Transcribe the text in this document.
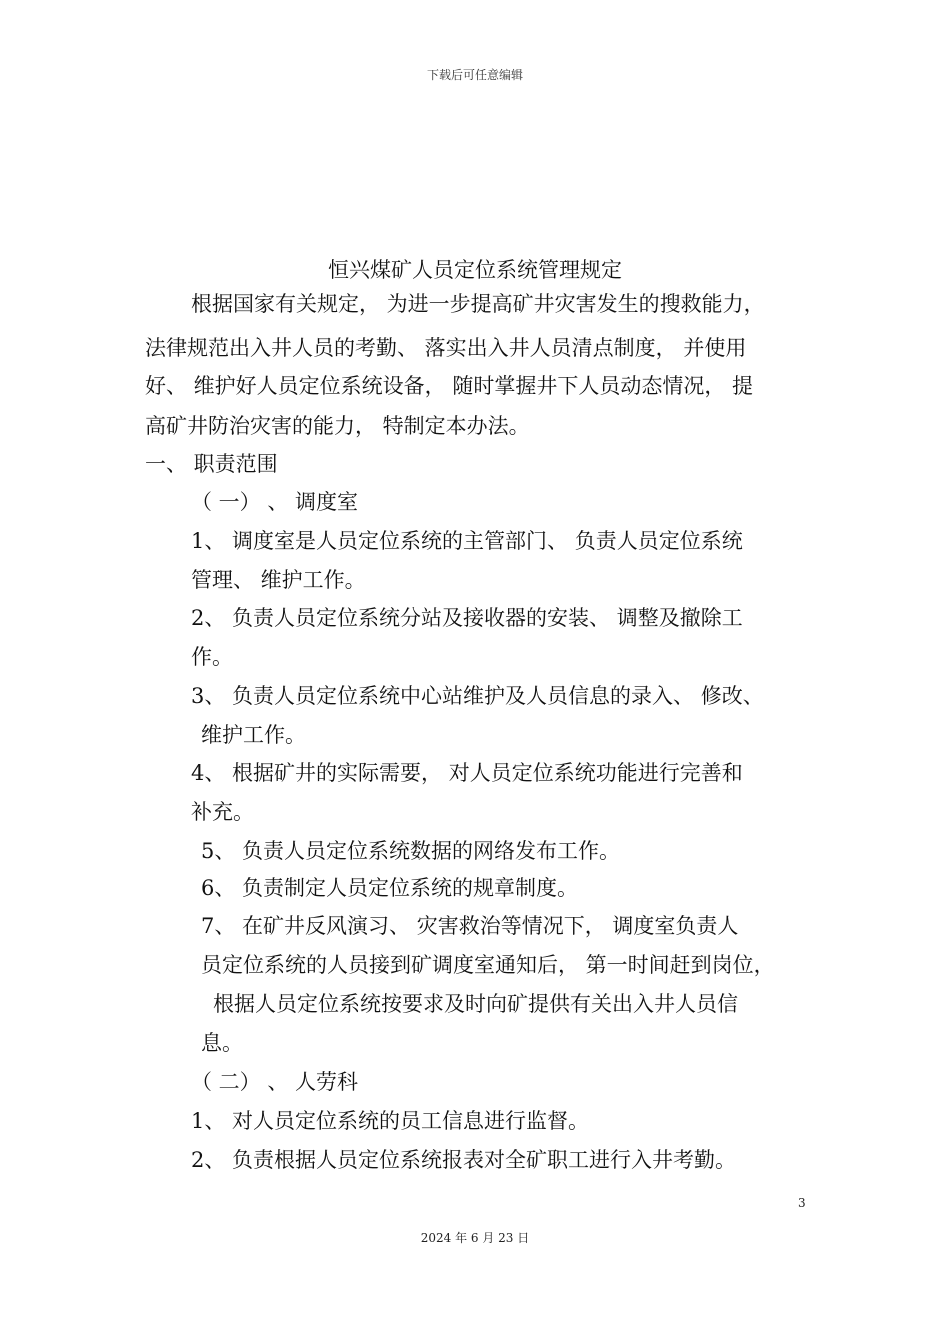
下载后可任意编辑
恒兴煤矿人员定位系统管理规定
根据国家有关规定， 为进一步提高矿井灾害发生的搜救能力，
法律规范出入井人员的考勤、 落实出入井人员清点制度， 并使用
好、 维护好人员定位系统设备， 随时掌握井下人员动态情况， 提
高矿井防治灾害的能力， 特制定本办法。
一、 职责范围
（ 一） 、 调度室
1、 调度室是人员定位系统的主管部门、 负责人员定位系统
管理、 维护工作。
2、 负责人员定位系统分站及接收器的安装、 调整及撤除工
作。
3、 负责人员定位系统中心站维护及人员信息的录入、 修改、
维护工作。
4、 根据矿井的实际需要， 对人员定位系统功能进行完善和
补充。
5、 负责人员定位系统数据的网络发布工作。
6、 负责制定人员定位系统的规章制度。
7、 在矿井反风演习、 灾害救治等情况下， 调度室负责人
员定位系统的人员接到矿调度室通知后， 第一时间赶到岗位，
根据人员定位系统按要求及时向矿提供有关出入井人员信
息。
（ 二） 、 人劳科
1、 对人员定位系统的员工信息进行监督。
2、 负责根据人员定位系统报表对全矿职工进行入井考勤。
3
2024 年 6 月 23 日
